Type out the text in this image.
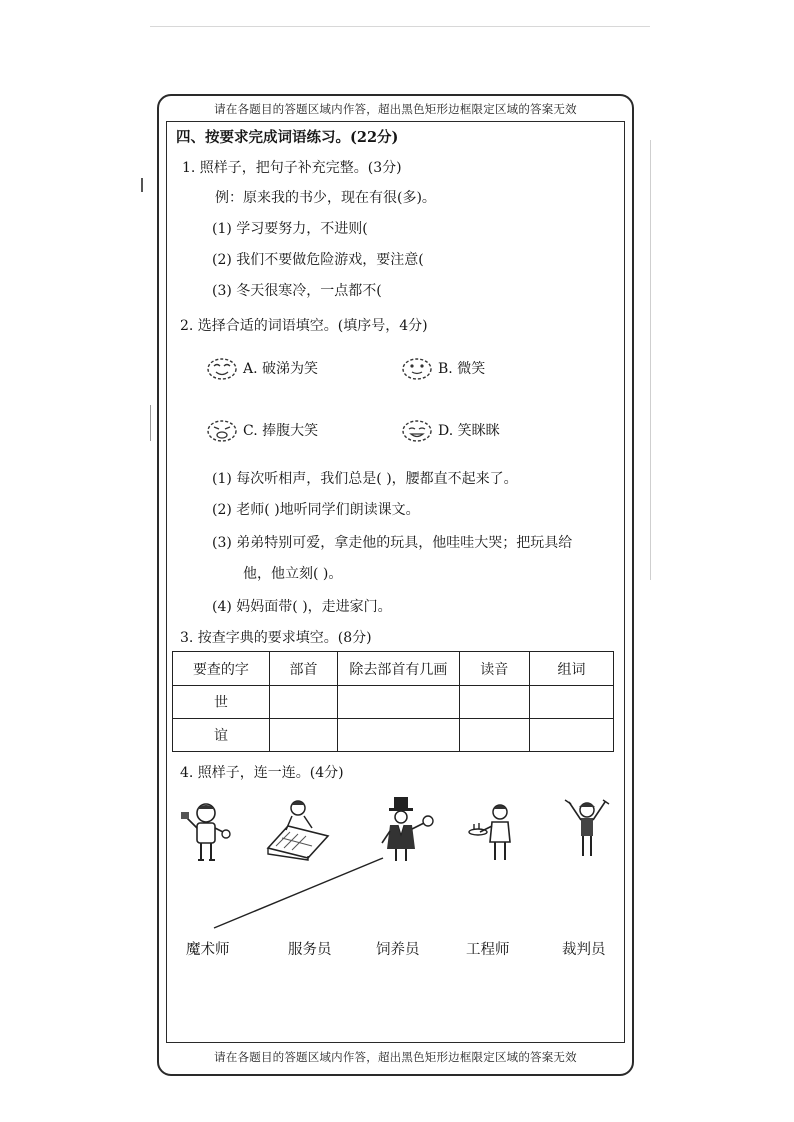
请在各题目的答题区域内作答，超出黑色矩形边框限定区域的答案无效
请在各题目的答题区域内作答，超出黑色矩形边框限定区域的答案无效
四、按要求完成词语练习。(22分)
1. 照样子，把句子补充完整。(3分)
例：原来我的书少，现在有很(多)。
(1) 学习要努力，不进则(
(2) 我们不要做危险游戏，要注意(
(3) 冬天很寒冷，一点都不(
2. 选择合适的词语填空。(填序号，4分)
A. 破涕为笑	B. 微笑
C. 捧腹大笑	D. 笑眯眯
(1) 每次听相声，我们总是( )，腰都直不起来了。
(2) 老师( )地听同学们朗读课文。
(3) 弟弟特别可爱，拿走他的玩具，他哇哇大哭；把玩具给
他，他立刻( )。
(4) 妈妈面带( )，走进家门。
3. 按查字典的要求填空。(8分)
要查的字	部首	除去部首有几画	读音	组词
世				
谊				
4. 照样子，连一连。(4分)
魔术师	服务员	饲养员	工程师	裁判员
